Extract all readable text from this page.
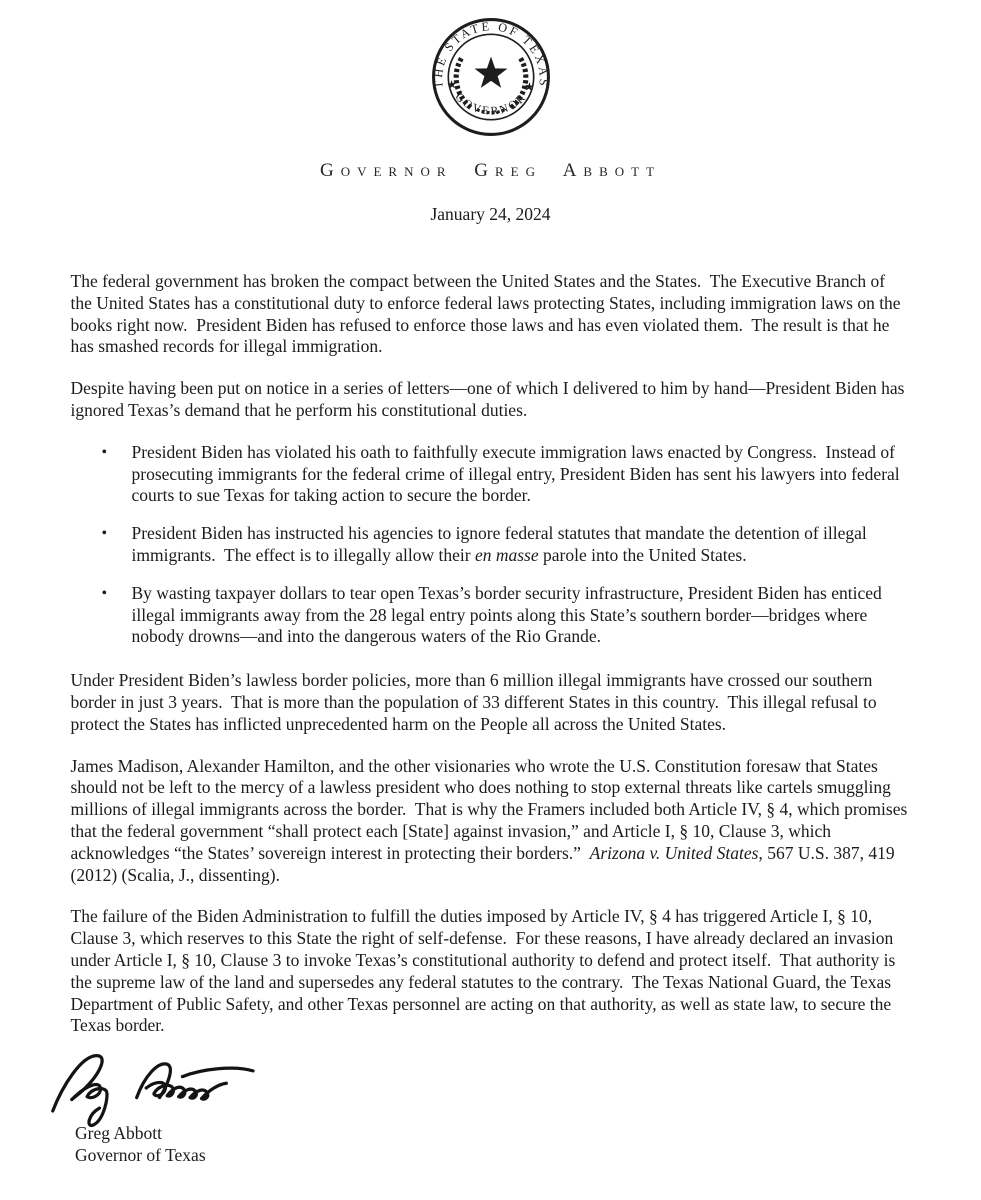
THE STATE OF TEXAS
★ GOVERNOR ★
Governor Greg Abbott
January 24, 2024

The federal government has broken the compact between the United States and the States.  The Executive Branch of the United States has a constitutional duty to enforce federal laws protecting States, including immigration laws on the books right now.  President Biden has refused to enforce those laws and has even violated them.  The result is that he has smashed records for illegal immigration.

Despite having been put on notice in a series of letters—one of which I delivered to him by hand—President Biden has ignored Texas’s demand that he perform his constitutional duties.

•	President Biden has violated his oath to faithfully execute immigration laws enacted by Congress.  Instead of prosecuting immigrants for the federal crime of illegal entry, President Biden has sent his lawyers into federal courts to sue Texas for taking action to secure the border.
•	President Biden has instructed his agencies to ignore federal statutes that mandate the detention of illegal immigrants.  The effect is to illegally allow their en masse parole into the United States.
•	By wasting taxpayer dollars to tear open Texas’s border security infrastructure, President Biden has enticed illegal immigrants away from the 28 legal entry points along this State’s southern border—bridges where nobody drowns—and into the dangerous waters of the Rio Grande.

Under President Biden’s lawless border policies, more than 6 million illegal immigrants have crossed our southern border in just 3 years.  That is more than the population of 33 different States in this country.  This illegal refusal to protect the States has inflicted unprecedented harm on the People all across the United States.

James Madison, Alexander Hamilton, and the other visionaries who wrote the U.S. Constitution foresaw that States should not be left to the mercy of a lawless president who does nothing to stop external threats like cartels smuggling millions of illegal immigrants across the border.  That is why the Framers included both Article IV, § 4, which promises that the federal government “shall protect each [State] against invasion,” and Article I, § 10, Clause 3, which acknowledges “the States’ sovereign interest in protecting their borders.”  Arizona v. United States, 567 U.S. 387, 419 (2012) (Scalia, J., dissenting).

The failure of the Biden Administration to fulfill the duties imposed by Article IV, § 4 has triggered Article I, § 10, Clause 3, which reserves to this State the right of self-defense.  For these reasons, I have already declared an invasion under Article I, § 10, Clause 3 to invoke Texas’s constitutional authority to defend and protect itself.  That authority is the supreme law of the land and supersedes any federal statutes to the contrary.  The Texas National Guard, the Texas Department of Public Safety, and other Texas personnel are acting on that authority, as well as state law, to secure the Texas border.

Greg Abbott
Governor of Texas
